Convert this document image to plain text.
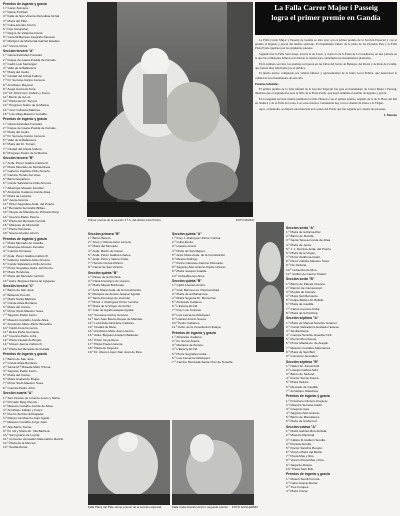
Premios de ingenio y gracia
1.º Cacer-Sumiera.
2.º Reina-Trinidad.
3.º Falla de San Vicente-Periodista Azzati.
4.º Plaza del Pilar.
5.º Cuba-Literato Azorín.
6.º Nou Campanar.
7.º Regne de València-Ciscar.
8.º General Barroso-Litógrafo Pascual.
9.º Marqués de Montortal-Gabriel Estellés.
10.º Vivons-Chiva.
Sección tercera "A"
1.º Gloria-Felicidad-Trenador.
2.º Duque de Gaeta-Puebla de Farnals.
3.º Cadiz-Luis Santángel.
4.º Valle de la Ballestera.
5.º Plaza del Cedro.
6.º Ciudad del Artista Fallero.
7.º Dr. Serrano-Carlos Cervera.
8.º Arzobispo Mayoral.
9.º Angel Guimerà-Turia.
10.º Dr. Olóriz-Arc. Fabián y Fuero.
11.º Barrio de la Luz.
12.º Plaza del Dr. Torrent.
13.º Progreso-Teatro de la Marina.
14.º Cruz Cubierta-Mártires.
15.º Luis Oliag-Maestro Gozalbo.
Premios de ingenio y gracia
1.º Gloria-Felicidad-Trenador.
2.º Duque de Gaeta-Puebla de Farnals.
3.º Plaza del Cedro.
4.º Dr. Serrano-Carlos Cervera.
5.º Valle de la Ballestera.
6.º Plaza del Dr. Torrent.
7.º Ciudad del Artista Fallero.
8.º Progreso-Teatro de la Marina.
Sección tercera "B"
1.º Avda. Pérez Galdós-Calixto III.
2.º Plaza Mercado de Monteolivete.
3.º Isabel la Católica-Cirilo Amorós.
4.º Camino Hondo del Grao.
5.º Barrio Espartero.
6.º Conde Salvatierra-Cirilo Amorós.
7.º Alberique-Mossén Fenollar.
8.º Almirante Cadarso-Conde Altea.
9.º Plaza de Lepanto.
10.º Jesús-Gremis.
11.º Pintor Segrelles-Avda. del Puerto.
12.º Bernardo Ferrándiz-Bilbao.
13.º Duque de Mandas-Av. Primado Reig.
14.º Cuenca-Padre Perera.
15.º Plaza del Mercado Central.
16.º Marqués de Montortal.
17.º Plaza Honduras.
18.º Sueca-Literato Azorín.
Premios de ingenio y gracia
1.º Plaza Mercado de Castilla.
2.º Alberique-Mossén Fenollar.
3.º Cuenca-Tomasos.
4.º Avda. Pérez Galdós-Calixto III.
5.º Isabel la Católica-Cirilo Amorós.
6.º Conde Salvatierra-Cirilo Amorós.
7.º Pintor Segrelles-Avda. del Puerto.
8.º Plaza Honduras.
9.º Plaza del Mercado Central.
10.º Avda. Burjasot-Sierra de Agujeras.
Sección tercera "C"
1.º Barrio de San José.
2.º Bolseria-Tros Alt.
3.º Plaza Santa Bárbara.
4.º Conde Altea-Burriana.
5.º Plaza del Carme.
6.º Pintor Stolz-Maestro Sosa.
7.º Sagunto-Padre Ferris.
8.º Maestro Gozalbo-Conde Altea.
9.º Arquitecto Alfaro-Pintor Benedito.
10.º Cádiz-Cura Femenía.
11.º Reina Doña Germana.
12.º Cuenca-Padre Jofré.
13.º Plaza Ciudad de Brujas.
14.º Mosén Jaume-Calixto III.
15.º Plaza del Mercado de Ruzafa.
Premios de ingenio y gracia
1.º Barrio de San José.
2.º Conde Altea-Burriana.
3.º Santa M.ª Micaela-Martí l'Humà.
4.º Sagunto-Padre Ferris.
5.º Plaza del Carme.
6.º Plaza Ciudad de Brujas.
7.º Pintor Stolz-Maestro Sosa.
8.º Cuenca-Padre Jofré.
Sección cuarta "A"
1.º San Vicente de Lizondo-Jesús y María.
2.º Primado Reig-Viveros.
3.º Maestro Gozalbo-Conde de Altea.
4.º Arzobispo Fabián y Fuero.
5.º Puerto del Duc-Embajador.
6.º Ramiro de Maeztu-Juan Aguiló.
7.º Maestro Gozalbo-Jorge Juan.
8.º Alta-Santo Tomás.
9.º Dr. Gil y Morte-Dr. Vila Barberá.
10.º San Ignacio de Loyola.
11.º Convento Jerusalén-Matemático Marzal.
12.º Plaza de la Merced.
13.º Sevilla-Denia.
Sección primera "B"
1.º Barrio Beteró.
2.º Artes y Oficios-Actor Llorens.
3.º Plaza del Mercado.
4.º Avda. Barón de Cárcer.
5.º Avda. Pérez Galdós-Linares.
6.º Avda. Peris y Valero-Cuba.
7.º Hernán Cortés-Pizarro.
8.º Cárcel de San Vicente.
Sección quinta "B"
1.º Paseo de la Pechina.
2.º Chiva-Francisco de Llorens.
3.º Plaza Miguel Bordonau.
4.º Actor Mora-Avda. de la Constitución.
5.º Marqués de Zenete-Gaspar Aguilar.
6.º Santo Domingo de Guzmán.
7.º Pintor J. Rodríguez Pintor Cortina.
8.º Plaza de la Virgen de la Paz.
9.º Juan de Aguiló-Gaspar Aguilar.
10.º Tomasos-Carlos Cervera.
11.º San Juan Bosco-Duque de Mandas.
12.º La Florida-Almirante Cadarso.
13.º Ciudad de Mula.
14.º Arzobispo Melo-Juan Llorens.
15.º Avda. Burjasot-Joaquín Ballester.
16.º Pintor Goya-Reus.
17.º Plaza Poeta Llorente.
18.º Plaza de Segovia.
19.º Dr. Álvaro López-San Juan de Dios.
Sección quinta "A"
1.º Fray J. Rodríguez-Pintor Cortina.
2.º Cuba-Denia.
3.º Literato Azorín.
4.º Plaza de San Miguel.
5.º Actor Mora-Avda. de la Constitución.
6.º Mestre Rodrigo.
7.º Pedro Cabanes-Camino Moncada.
8.º Sagunto-San Antonio-Padre Urbano.
9.º Plaza Joaquín Dualde.
10.º Cuba-Buenos Aires.
Sección quinta "B"
1.º Cádiz-Literato Azorín.
2.º Gral. Barroso-Lit. Pascual Abad.
3.º Plaza de la Malvarrosa.
4.º Plaza Segovia-Dr. Monserrat.
5.º Almirante Cadarso.
6.º L'Estany-El Cid.
7.º Fray Luis Colomer.
8.º Luis Lamarca-Velázquez.
9.º Literato Azorín-Sueca.
10.º Pedro Cabanes.
11.º Avda. de la Constitución-Ruaya.
Premios de ingenio y gracia
1.º Almirante Cadarso.
2.º Dr. Sumsi-Sueca.
3.º Marqués de Zenete.
4.º L'Estany-El Cid.
5.º Pintor Segrelles-Cuba.
6.º Luis Lamarca-Velázquez.
7.º Camino Moncada-Santa Cruz de Tenerife.
Sección sexta "A"
1.º Plaza de la Reina-Paz.
2.º Barrio de Ruzafa.
3.º Santa Teresa-Conde de Altea.
4.º Plaza de Jesús.
5.º J. J. Dómine-Avda. del Puerto.
6.º Plaza de la Virgen.
7.º Pintor Zariñena-Quart.
8.º Pérez Galdós-Maestro Sosa.
9.º Na Jordana.
10.º Cuba-Puerto Rico.
11.º Guillén de Castro-Triador.
Sección sexta "B"
1.º Barrio de Patraix-Cuenca.
2.º Ramón de Campoamor.
3.º Puebla de Farnals.
4.º Plaza San Bernardo.
5.º Felipe Bellver-M. Bellido.
6.º Plaza de Castilla.
7.º Carlos Cervera-Cuba.
8.º Plaza de la Pechina.
Sección séptima "A"
1.º Plaza de Manuel Sanchis Guarner.
2.º Conde Salvatierra-Grabador Esteve.
3.º Sevilla-Denia.
4.º Cuenca-Tenerife-Guardia Civil.
5.º Puerto Rico-Sueca.
6.º Pintor Maella-Av. de Aragón.
7.º Maestro Gozalbo-Salamanca.
8.º Plaza de San Bult.
9.º Convento Jerusalén.
Sección séptima "B"
1.º Nador-Dr. Zamenhoff.
2.º Literato Gabriel Miró.
3.º Barrio de Nazaret.
4.º Doctor Sumsi-Sueca.
5.º Plaza Patraix.
6.º Mercado de Castilla.
7.º Arzobispo Olaechea.
Premios de ingenio y gracia
1.º Francisco Climent-Uruguay.
2.º Maestro Serrano-Cádiz.
3.º Gregorio Gea.
4.º Sagunto-San Antonio.
5.º Barrio de Marxalenes.
6.º Plaza de la Merced.
Sección octava "A"
1.º Plaza Gabriel Miró-Ruzafa.
2.º Maestre Racional.
3.º Calixto III-Guillem Sorolla.
4.º Florista-Sorolla.
5.º Doctor Sanchís Bergón.
6.º Vivons-Plaza del Barón.
7.º Poeta Mas y Ros.
8.º Vivons-Poeta Mas y Ros.
9.º Sagunto-Ruaya.
10.º Plaza Sant Bult.
Premios de ingenio y gracia
1.º Mosén Sorell-Corona.
2.º Calvo Acacio-Reina.
3.º Tres Forques.
4.º Plaza Ciscar.
Primer premio de la sección 1.ª A, del artista José Pucho.	FOTO MAIKO
La Falla Carrer Major i Passeig
logra el primer premio en Gandía

La Falla Carrer Major y Passeig de Gandía se alzó ayer con el primer premio de la Sección Especial y con el premio al ingenio y gracia del mismo apartado. El monumento fallero de la plaza de las Escuelas Pías y la Falla Plaza Prado quedaron en los siguientes puestos.

Segunda fue la Falla Sant Josep, tercera la de Corea, y cuarta la de la Plaza de la Constitució, en una jornada en la que las comisiones falleras recorrieron la ciudad para contemplar los monumentos plantados.

En la primera sección, los premios recayeron en las fallas del barrio de Beniopa, del Raval y de Roís de Corella, que fueron muy felicitadas por el público.

El jurado estuvo compuesto por artistas falleros y representantes de la Junta Local Fallera, que destacaron la calidad de los monumentos de este año.

Premios infantiles

El primer premio de la falla infantil de la Sección Especial fue para el monumento de Carrer Major i Passeig, mientras que el segundo fue para la falla de la Plaza Prado, que logró también el premio de ingenio y gracia.

En la segunda sección resultó premiada la falla Vilanova con el primer premio, seguida de la de la Plaza del Rei en Jaume I y de la Falla de Corea. Los actos festivos continuarán hoy con la ofrenda de flores a la Virgen.

Ayer, a mediodía, se disparó una mascletà en la plaza del Prado que fue seguida por cientos de personas.

I. Moreno

Falla Plaza del Pilar, tercer premio de la sección especial.	Falla Cuba-Literato Azorín, segundo premio.	FOTO GUILLERMO
